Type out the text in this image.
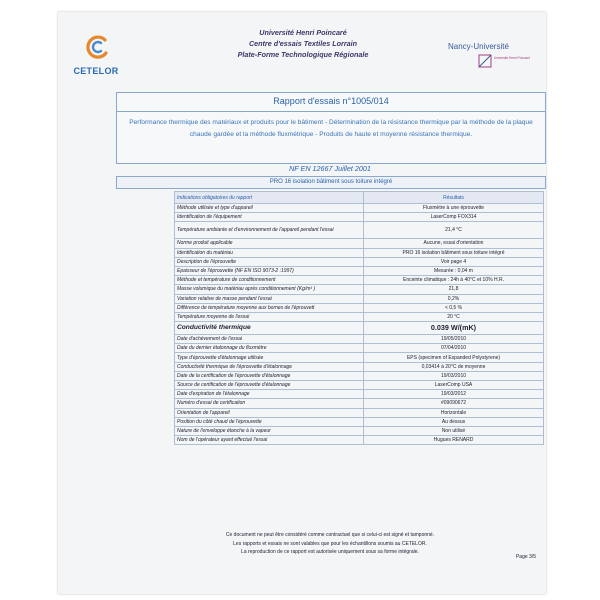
CETELOR
Université Henri Poincaré
Centre d'essais Textiles Lorrain
Plate-Forme Technologique Régionale
Nancy-Université
Université Henri Poincaré
Rapport d'essais n°1005/014
Performance thermique des matériaux et produits pour le bâtiment - Détermination de la résistance thermique par la méthode de la plaque chaude gardée et la méthode fluxmétrique - Produits de haute et moyenne résistance thermique.
NF EN 12667 Juillet 2001
PRO 16 isolation bâtiment sous toiture intégré
Indications obligatoires du rapport	Résultats
Méthode utilisée et type d'appareil	Fluxmètre à une éprouvette
Identification de l'équipement	LaserComp FOX314
Température ambiante et d'environnement de l'appareil pendant l'essai	21,4 °C
Norme produit applicable	Aucune, essai d'orientation
Identification du matériau	PRO 16 isolation bâtiment sous toiture intégré
Description de l'éprouvette	Voir page 4
Epaisseur de l'éprouvette (NF EN ISO 9073-2 :1997)	Mesurée : 0,04 m
Méthode et température de conditionnement	Enceinte climatique : 24h à 40°C et 10% H.R.
Masse volumique du matériau après conditionnement (Kg/m³ )	21,8
Variation relative de masse pendant l'essai	0,2%
Différence de température moyenne aux bornes de l'éprouvett	< 0,5 %
Température moyenne de l'essai	20 °C
Conductivité thermique	0.039 W/(mK)
Date d'achèvement de l'essai	19/05/2010
Date du dernier étalonnage du fluxmètre	07/04/2010
Type d'éprouvette d'étalonnage utilisée	EPS (specimen of Expanded Polystyrene)
Conductivité thermique de l'éprouvette d'étalonnage	0,03414 à 20°C de moyenne
Date de la certification de l'éprouvette d'étalonnage	19/03/2010
Source de certification de l'éprouvette d'étalonnage	LaserComp USA
Date d'expiration de l'étalonnage	19/03/2012
Numéro d'essai de certification	#09090672
Orientation de l'appareil	Horizontale
Position du côté chaud de l'éprouvette	Au dessus
Nature de l'enveloppe étanche à la vapeur	Non utilisé
Nom de l'opérateur ayant effectué l'essai	Hugues RENARD
Ce document ne peut être considéré comme contractuel que si celui-ci est signé et tamponné.
Les rapports et essais ne sont valables que pour les échantillons soumis au CETELOR.
La reproduction de ce rapport est autorisée uniquement sous sa forme intégrale.
Page 3/5
